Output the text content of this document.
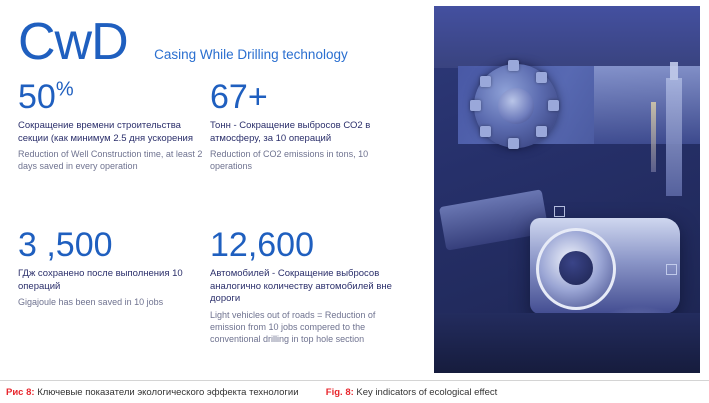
CwD Casing While Drilling technology
50%
Сокращение времени строительства секции (как минимум 2.5 дня ускорения
Reduction of Well Construction time, at least 2 days saved in every operation
67+
Тонн - Сокращение выбросов СО2 в атмосферу, за 10 операций
Reduction of CO2 emissions in tons, 10 operations
3 ,500
ГДж сохранено после выполнения 10 операций
Gigajoule has been saved in 10 jobs
12,600
Автомобилей - Сокращение выбросов аналогично количеству автомобилей вне дороги
Light vehicles out of roads = Reduction of emission from 10 jobs compered to the conventional drilling in top hole section
Рис 8: Ключевые показатели экологического эффекта технологии	Fig. 8: Key indicators of ecological effect
